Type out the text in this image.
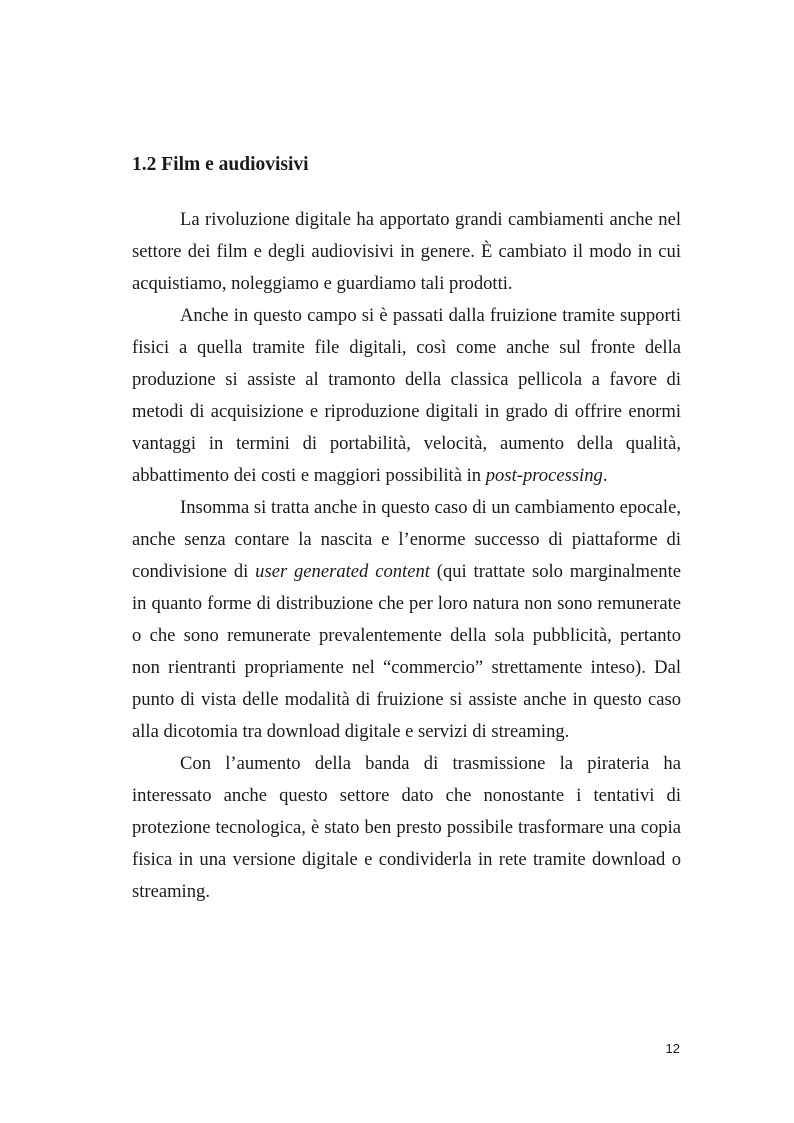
1.2 Film e audiovisivi

La rivoluzione digitale ha apportato grandi cambiamenti anche nel settore dei film e degli audiovisivi in genere. È cambiato il modo in cui acquistiamo, noleggiamo e guardiamo tali prodotti.

Anche in questo campo si è passati dalla fruizione tramite supporti fisici a quella tramite file digitali, così come anche sul fronte della produzione si assiste al tramonto della classica pellicola a favore di metodi di acquisizione e riproduzione digitali in grado di offrire enormi vantaggi in termini di portabilità, velocità, aumento della qualità, abbattimento dei costi e maggiori possibilità in post-processing.

Insomma si tratta anche in questo caso di un cambiamento epocale, anche senza contare la nascita e l’enorme successo di piattaforme di condivisione di user generated content (qui trattate solo marginalmente in quanto forme di distribuzione che per loro natura non sono remunerate o che sono remunerate prevalentemente della sola pubblicità, pertanto non rientranti propriamente nel “commercio” strettamente inteso). Dal punto di vista delle modalità di fruizione si assiste anche in questo caso alla dicotomia tra download digitale e servizi di streaming.

Con l’aumento della banda di trasmissione la pirateria ha interessato anche questo settore dato che nonostante i tentativi di protezione tecnologica, è stato ben presto possibile trasformare una copia fisica in una versione digitale e condividerla in rete tramite download o streaming.

12
